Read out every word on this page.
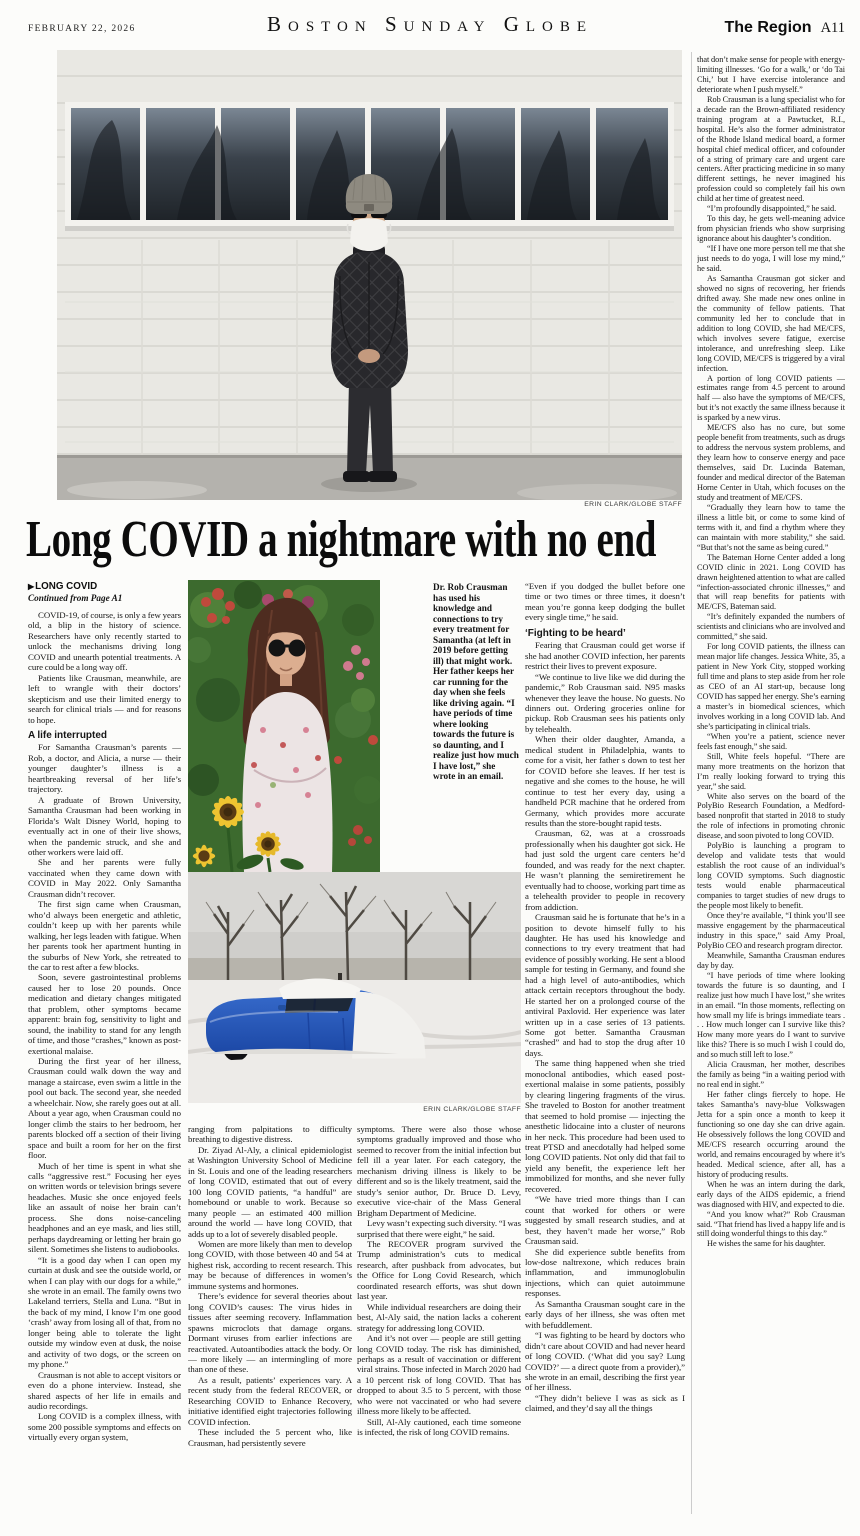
FEBRUARY 22, 2026	Boston Sunday Globe	The Region A11
ERIN CLARK/GLOBE STAFF
Long COVID a nightmare with no end
▶LONG COVID
Continued from Page A1

COVID-19, of course, is only a few years old, a blip in the history of science. Researchers have only recently started to unlock the mechanisms driving long COVID and unearth potential treatments. A cure could be a long way off.

Patients like Crausman, meanwhile, are left to wrangle with their doctors’ skepticism and use their limited energy to search for clinical trials — and for reasons to hope.

A life interrupted

For Samantha Crausman’s parents — Rob, a doctor, and Alicia, a nurse — their younger daughter’s illness is a heartbreaking reversal of her life’s trajectory.

A graduate of Brown University, Samantha Crausman had been working in Florida’s Walt Disney World, hoping to eventually act in one of their live shows, when the pandemic struck, and she and other workers were laid off.

She and her parents were fully vaccinated when they came down with COVID in May 2022. Only Samantha Crausman didn’t recover.

The first sign came when Crausman, who’d always been energetic and athletic, couldn’t keep up with her parents while walking, her legs leaden with fatigue. When her parents took her apartment hunting in the suburbs of New York, she retreated to the car to rest after a few blocks.

Soon, severe gastrointestinal problems caused her to lose 20 pounds. Once medication and dietary changes mitigated that problem, other symptoms became apparent: brain fog, sensitivity to light and sound, the inability to stand for any length of time, and those “crashes,” known as post-exertional malaise.

During the first year of her illness, Crausman could walk down the way and manage a staircase, even swim a little in the pool out back. The second year, she needed a wheelchair. Now, she rarely goes out at all. About a year ago, when Crausman could no longer climb the stairs to her bedroom, her parents blocked off a section of their living space and built a room for her on the first floor.

Much of her time is spent in what she calls “aggressive rest.” Focusing her eyes on written words or television brings severe headaches. Music she once enjoyed feels like an assault of noise her brain can’t process. She dons noise-canceling headphones and an eye mask, and lies still, perhaps daydreaming or letting her brain go silent. Sometimes she listens to audiobooks.

“It is a good day when I can open my curtain at dusk and see the outside world, or when I can play with our dogs for a while,” she wrote in an email. The family owns two Lakeland terriers, Stella and Luna. “But in the back of my mind, I know I’m one good ‘crash’ away from losing all of that, from no longer being able to tolerate the light outside my window even at dusk, the noise and activity of two dogs, or the screen on my phone.”

Crausman is not able to accept visitors or even do a phone interview. Instead, she shared aspects of her life in emails and audio recordings.

Long COVID is a complex illness, with some 200 possible symptoms and effects on virtually every organ system,

Dr. Rob Crausman has used his knowledge and connections to try every treatment for Samantha (at left in 2019 before getting ill) that might work. Her father keeps her car running for the day when she feels like driving again. “I have periods of time where looking towards the future is so daunting, and I realize just how much I have lost,” she wrote in an email.
ERIN CLARK/GLOBE STAFF

ranging from palpitations to difficulty breathing to digestive distress.

Dr. Ziyad Al-Aly, a clinical epidemiologist at Washington University School of Medicine in St. Louis and one of the leading researchers of long COVID, estimated that out of every 100 long COVID patients, “a handful” are homebound or unable to work. Because so many people — an estimated 400 million around the world — have long COVID, that adds up to a lot of severely disabled people.

Women are more likely than men to develop long COVID, with those between 40 and 54 at highest risk, according to recent research. This may be because of differences in women’s immune systems and hormones.

There’s evidence for several theories about long COVID’s causes: The virus hides in tissues after seeming recovery. Inflammation spawns microclots that damage organs. Dormant viruses from earlier infections are reactivated. Autoantibodies attack the body. Or — more likely — an intermingling of more than one of these.

As a result, patients’ experiences vary. A recent study from the federal RECOVER, or Researching COVID to Enhance Recovery, initiative identified eight trajectories following COVID infection.

These included the 5 percent who, like Crausman, had persistently severe

symptoms. There were also those whose symptoms gradually improved and those who seemed to recover from the initial infection but fell ill a year later. For each category, the mechanism driving illness is likely to be different and so is the likely treatment, said the study’s senior author, Dr. Bruce D. Levy, executive vice-chair of the Mass General Brigham Department of Medicine.

Levy wasn’t expecting such diversity. “I was surprised that there were eight,” he said.

The RECOVER program survived the Trump administration’s cuts to medical research, after pushback from advocates, but the Office for Long Covid Research, which coordinated research efforts, was shut down last year.

While individual researchers are doing their best, Al-Aly said, the nation lacks a coherent strategy for addressing long COVID.

And it’s not over — people are still getting long COVID today. The risk has diminished, perhaps as a result of vaccination or different viral strains. Those infected in March 2020 had a 10 percent risk of long COVID. That has dropped to about 3.5 to 5 percent, with those who were not vaccinated or who had severe illness more likely to be affected.

Still, Al-Aly cautioned, each time someone is infected, the risk of long COVID remains.

“Even if you dodged the bullet before one time or two times or three times, it doesn’t mean you’re gonna keep dodging the bullet every single time,” he said.

‘Fighting to be heard’

Fearing that Crausman could get worse if she had another COVID infection, her parents restrict their lives to prevent exposure.

“We continue to live like we did during the pandemic,” Rob Crausman said. N95 masks whenever they leave the house. No guests. No dinners out. Ordering groceries online for pickup. Rob Crausman sees his patients only by telehealth.

When their older daughter, Amanda, a medical student in Philadelphia, wants to come for a visit, her father s down to test her for COVID before she leaves. If her test is negative and she comes to the house, he will continue to test her every day, using a handheld PCR machine that he ordered from Germany, which provides more accurate results than the store-bought rapid tests.

Crausman, 62, was at a crossroads professionally when his daughter got sick. He had just sold the urgent care centers he’d founded, and was ready for the next chapter. He wasn’t planning the semiretirement he eventually had to choose, working part time as a telehealth provider to people in recovery from addiction.

Crausman said he is fortunate that he’s in a position to devote himself fully to his daughter. He has used his knowledge and connections to try every treatment that had evidence of possibly working. He sent a blood sample for testing in Germany, and found she had a high level of auto-antibodies, which attack certain receptors throughout the body. He started her on a prolonged course of the antiviral Paxlovid. Her experience was later written up in a case series of 13 patients. Some got better. Samantha Crausman “crashed” and had to stop the drug after 10 days.

The same thing happened when she tried monoclonal antibodies, which eased post-exertional malaise in some patients, possibly by clearing lingering fragments of the virus. She traveled to Boston for another treatment that seemed to hold promise — injecting the anesthetic lidocaine into a cluster of neurons in her neck. This procedure had been used to treat PTSD and anecdotally had helped some long COVID patients. Not only did that fail to yield any benefit, the experience left her immobilized for months, and she never fully recovered.

“We have tried more things than I can count that worked for others or were suggested by small research studies, and at best, they haven’t made her worse,” Rob Crausman said.

She did experience subtle benefits from low-dose naltrexone, which reduces brain inflammation, and immunoglobulin injections, which can quiet autoimmune responses.

As Samantha Crausman sought care in the early days of her illness, she was often met with befuddlement.

“I was fighting to be heard by doctors who didn’t care about COVID and had never heard of long COVID. (‘What did you say? Lung COVID?’ — a direct quote from a provider),” she wrote in an email, describing the first year of her illness.

“They didn’t believe I was as sick as I claimed, and they’d say all the things

that don’t make sense for people with energy-limiting illnesses. ‘Go for a walk,’ or ‘do Tai Chi,’ but I have exercise intolerance and deteriorate when I push myself.”

Rob Crausman is a lung specialist who for a decade ran the Brown-affiliated residency training program at a Pawtucket, R.I., hospital. He’s also the former administrator of the Rhode Island medical board, a former hospital chief medical officer, and cofounder of a string of primary care and urgent care centers. After practicing medicine in so many different settings, he never imagined his profession could so completely fail his own child at her time of greatest need.

“I’m profoundly disappointed,” he said.

To this day, he gets well-meaning advice from physician friends who show surprising ignorance about his daughter’s condition.

“If I have one more person tell me that she just needs to do yoga, I will lose my mind,” he said.

As Samantha Crausman got sicker and showed no signs of recovering, her friends drifted away. She made new ones online in the community of fellow patients. That community led her to conclude that in addition to long COVID, she had ME/CFS, which involves severe fatigue, exercise intolerance, and unrefreshing sleep. Like long COVID, ME/CFS is triggered by a viral infection.

A portion of long COVID patients — estimates range from 4.5 percent to around half — also have the symptoms of ME/CFS, but it’s not exactly the same illness because it is sparked by a new virus.

ME/CFS also has no cure, but some people benefit from treatments, such as drugs to address the nervous system problems, and they learn how to conserve energy and pace themselves, said Dr. Lucinda Bateman, founder and medical director of the Bateman Horne Center in Utah, which focuses on the study and treatment of ME/CFS.

“Gradually they learn how to tame the illness a little bit, or come to some kind of terms with it, and find a rhythm where they can maintain with more stability,” she said. “But that’s not the same as being cured.”

The Bateman Horne Center added a long COVID clinic in 2021. Long COVID has drawn heightened attention to what are called “infection-associated chronic illnesses,” and that will reap benefits for patients with ME/CFS, Bateman said.

“It’s definitely expanded the numbers of scientists and clinicians who are involved and committed,” she said.

For long COVID patients, the illness can mean major life changes. Jessica White, 35, a patient in New York City, stopped working full time and plans to step aside from her role as CEO of an AI start-up, because long COVID has sapped her energy. She’s earning a master’s in biomedical sciences, which involves working in a long COVID lab. And she’s participating in clinical trials.

“When you’re a patient, science never feels fast enough,” she said.

Still, White feels hopeful. “There are many more treatments on the horizon that I’m really looking forward to trying this year,” she said.

White also serves on the board of the PolyBio Research Foundation, a Medford-based nonprofit that started in 2018 to study the role of infections in promoting chronic disease, and soon pivoted to long COVID.

PolyBio is launching a program to develop and validate tests that would establish the root cause of an individual’s long COVID symptoms. Such diagnostic tests would enable pharmaceutical companies to target studies of new drugs to the people most likely to benefit.

Once they’re available, “I think you’ll see massive engagement by the pharmaceutical industry in this space,” said Amy Proal, PolyBio CEO and research program director.

Meanwhile, Samantha Crausman endures day by day.

“I have periods of time where looking towards the future is so daunting, and I realize just how much I have lost,” she writes in an email. “In those moments, reflecting on how small my life is brings immediate tears . . . How much longer can I survive like this? How many more years do I want to survive like this? There is so much I wish I could do, and so much still left to lose.”

Alicia Crausman, her mother, describes the family as being “in a waiting period with no real end in sight.”

Her father clings fiercely to hope. He takes Samantha’s navy-blue Volkswagen Jetta for a spin once a month to keep it functioning so one day she can drive again. He obsessively follows the long COVID and ME/CFS research occurring around the world, and remains encouraged by where it’s headed. Medical science, after all, has a history of producing results.

When he was an intern during the dark, early days of the AIDS epidemic, a friend was diagnosed with HIV, and expected to die.

“And you know what?” Rob Crausman said. “That friend has lived a happy life and is still doing wonderful things to this day.”

He wishes the same for his daughter.
